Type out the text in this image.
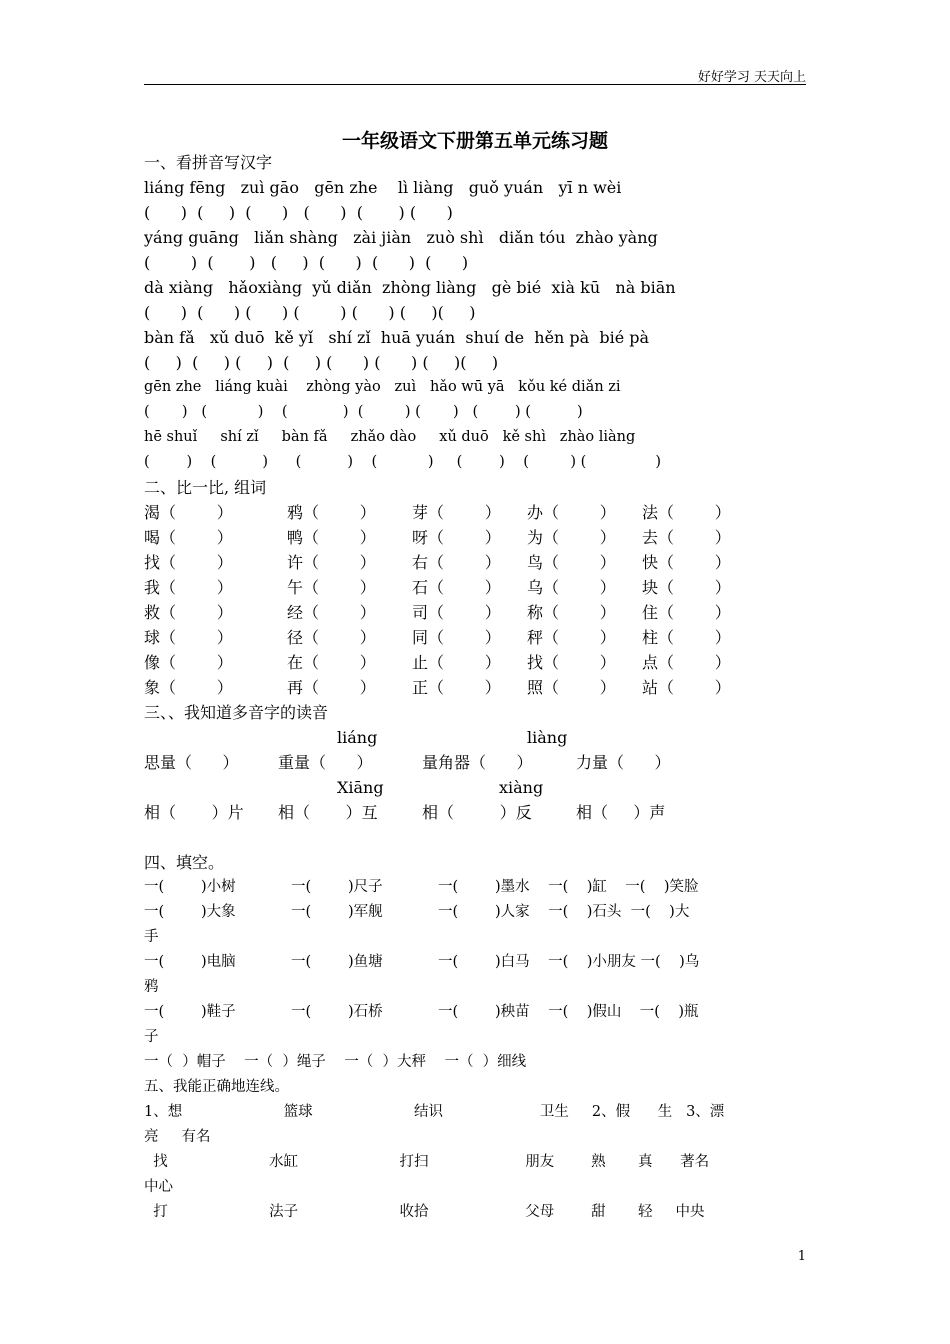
好好学习 天天向上
一年级语文下册第五单元练习题
一、看拼音写汉字
liáng fēng   zuì gāo   gēn zhe    lì liàng   guǒ yuán   yī n wèi
(      )  (     )  (      )   (      )  (       ) (      )
yáng guāng   liǎn shàng   zài jiàn   zuò shì   diǎn tóu  zhào yàng
(        )  (       )   (     )  (      )  (      )  (      )
dà xiàng   hǎoxiàng  yǔ diǎn  zhòng liàng   gè bié  xià kū   nà biān
(      )  (      ) (      ) (        ) (      ) (     )(     )
bàn fǎ   xǔ duō  kě yǐ   shí zǐ  huā yuán  shuí de  hěn pà  bié pà
(     )  (     ) (     )  (     ) (      ) (      ) (     )(     )
gēn zhe   liáng kuài    zhòng yào   zuì   hǎo wū yā   kǒu ké diǎn zi
(       )   (           )    (            )  (         ) (       )   (        ) (          )
hē shuǐ     shí zǐ     bàn fǎ     zhǎo dào     xǔ duō   kě shì   zhào liàng
(        )    (          )      (          )    (           )     (        )    (         ) (               )
二、比一比, 组词
渴（        ）	鸦（        ） 芽（        ） 办（        ） 法（        ）
喝（        ）	鸭（        ） 呀（        ） 为（        ） 去（        ）
找（        ）	许（        ） 右（        ） 鸟（        ） 快（        ）
我（        ）	午（        ） 石（        ） 乌（        ） 块（        ）
救（        ）	经（        ） 司（        ） 称（        ） 住（        ）
球（        ）	径（        ） 同（        ） 秤（        ） 柱（        ）
像（        ）	在（        ） 止（        ） 找（        ） 点（        ）
象（        ）	再（        ） 正（        ） 照（        ） 站（        ）
三、、我知道多音字的读音
liáng	liàng
思量（      ） 重量（      ）	量角器（      ）	力量（      ）
Xiāng	xiàng
相（       ）片 相（       ）互	相（         ）反	相（     ）声
四、填空。
一(        )小树            一(        )尺子            一(        )墨水    一(    )缸    一(    )笑脸
一(        )大象            一(        )军舰            一(        )人家    一(    )石头  一(    )大
手
一(        )电脑            一(        )鱼塘            一(        )白马    一(    )小朋友 一(    )乌
鸦
一(        )鞋子            一(        )石桥            一(        )秧苗    一(    )假山    一(    )瓶
子
一（  ）帽子    一（  ）绳子    一（  ）大秤    一（  ）细线
五、我能正确地连线。
1、想                      篮球                      结识                     卫生     2、假      生   3、漂
亮     有名
找                      水缸                      打扫                     朋友        熟       真      著名
中心
打                      法子                      收拾                     父母        甜       轻     中央
1
